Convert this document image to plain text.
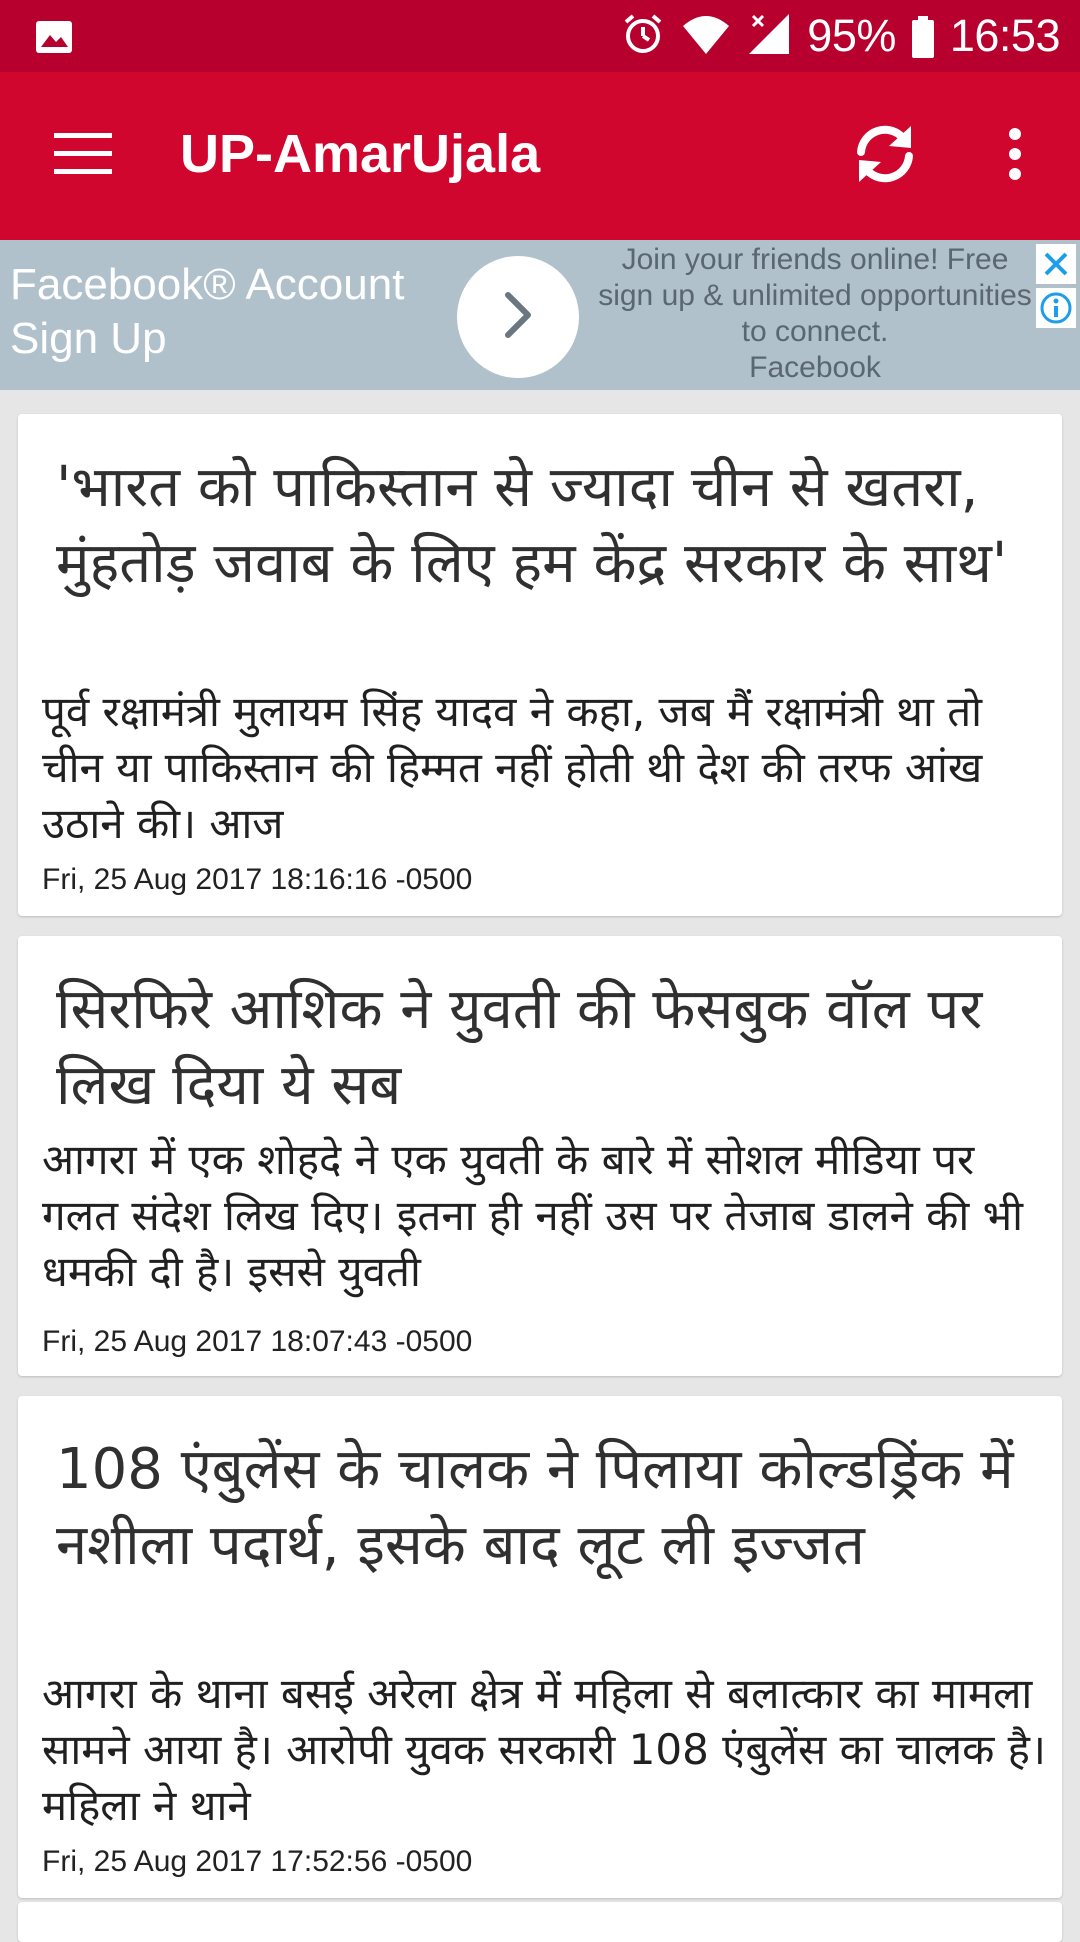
95% 16:53
UP-AmarUjala
Facebook® Account Sign Up
Join your friends online! Free sign up & unlimited opportunities to connect.
Facebook
'भारत को पाकिस्तान से ज्यादा चीन से खतरा, मुंहतोड़ जवाब के लिए हम केंद्र सरकार के साथ'
पूर्व रक्षामंत्री मुलायम सि‍ंह यादव ने कहा, जब मैं रक्षामंत्री था तो चीन या पाकिस्तान की हिम्मत नहीं होती थी देश की तरफ आंख उठाने की। आज
Fri, 25 Aug 2017 18:16:16 -0500
सिरफिरे आशिक ने युवती की फेसबुक वॉल पर लिख दिया ये सब
आगरा में एक शोहदे ने एक युवती के बारे में सोशल मीडिया पर गलत संदेश लिख दिए। इतना ही नहीं उस पर तेजाब डालने की भी धमकी दी है। इससे युवती
Fri, 25 Aug 2017 18:07:43 -0500
108 एंबुलेंस के चालक ने पिलाया कोल्डड्रिंक में नशीला पदार्थ, इसके बाद लूट ली इज्जत
आगरा के थाना बसई अरेला क्षेत्र में महिला से बलात्कार का मामला सामने आया है। आरोपी युवक सरकारी 108 एंबुलेंस का चालक है। महिला ने थाने
Fri, 25 Aug 2017 17:52:56 -0500
